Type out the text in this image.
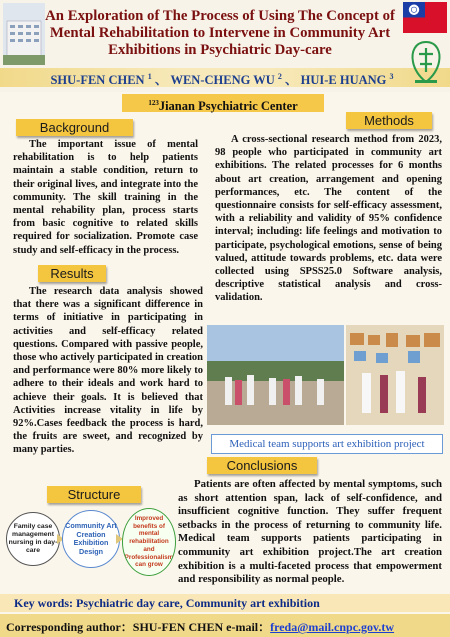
An Exploration of The Process of Using The Concept of Mental Rehabilitation to Intervene in Community Art Exhibitions in Psychiatric Day-care
SHU-FEN CHEN $^1$ 、 WEN-CHENG WU $^2$ 、 HUI-E HUANG $^3$
$^{123}$Jianan Psychiatric Center
Background

The important issue of mental rehabilitation is to help patients maintain a stable condition, return to their original lives, and integrate into the community. The skill training in the mental rehability plan, process starts from basic cognitive to related skills required for socialization. Promote case study and self-efficacy in the process.

Results

The research data analysis showed that there was a significant difference in terms of initiative in participating in activities and self-efficacy related questions. Compared with passive people, those who actively participated in creation and performance were 80% more likely to adhere to their ideals and work hard to achieve their goals. It is believed that Activities increase vitality in life by 92%.Cases feedback the process is hard, the fruits are sweet, and recognized by many parties.

Structure
Family case management nursing in day-care
Community Art Creation Exhibition Design
Improved benefits of mental rehabilitation and Professionalism can grow
Methods

A cross-sectional research method from 2023, 98 people who participated in community art exhibitions. The related processes for 6 months about art creation, arrangement and opening performances, etc. The content of the questionnaire consists for self-efficacy assessment, with a reliability and validity of 95% confidence interval; including: life feelings and motivation to participate, psychological emotions, sense of being valued, attitude towards problems, etc. data were collected using SPSS25.0 Software analysis, descriptive statistical analysis and cross-validation.

Medical team supports art exhibition project
Conclusions

Patients are often affected by mental symptoms, such as short attention span, lack of self-confidence, and insufficient cognitive function. They suffer frequent setbacks in the process of returning to community life. Medical team supports patients participating in community art exhibition project.The art creation exhibition is a multi-faceted process that empowerment and responsibility as normal people.

Key words: Psychiatric day care, Community art exhibition
Corresponding author：SHU-FEN CHEN e-mail：freda@mail.cnpc.gov.tw
